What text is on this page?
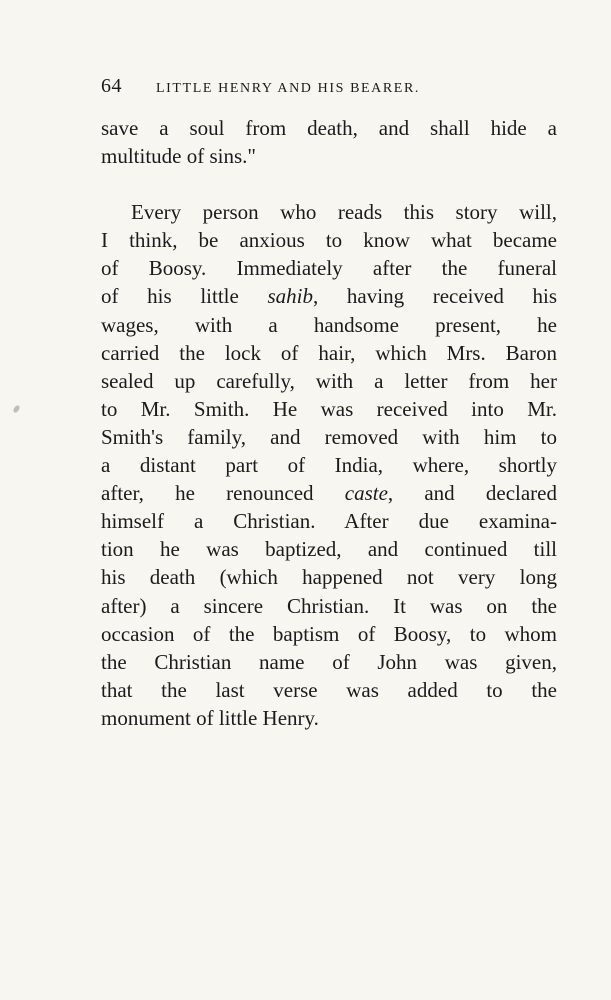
64 LITTLE HENRY AND HIS BEARER.
save a soul from death, and shall hide a
multitude of sins."
Every person who reads this story will,
I think, be anxious to know what became
of Boosy. Immediately after the funeral
of his little sahib, having received his
wages, with a handsome present, he
carried the lock of hair, which Mrs. Baron
sealed up carefully, with a letter from her
to Mr. Smith. He was received into Mr.
Smith's family, and removed with him to
a distant part of India, where, shortly
after, he renounced caste, and declared
himself a Christian. After due examina-
tion he was baptized, and continued till
his death (which happened not very long
after) a sincere Christian. It was on the
occasion of the baptism of Boosy, to whom
the Christian name of John was given,
that the last verse was added to the
monument of little Henry.
